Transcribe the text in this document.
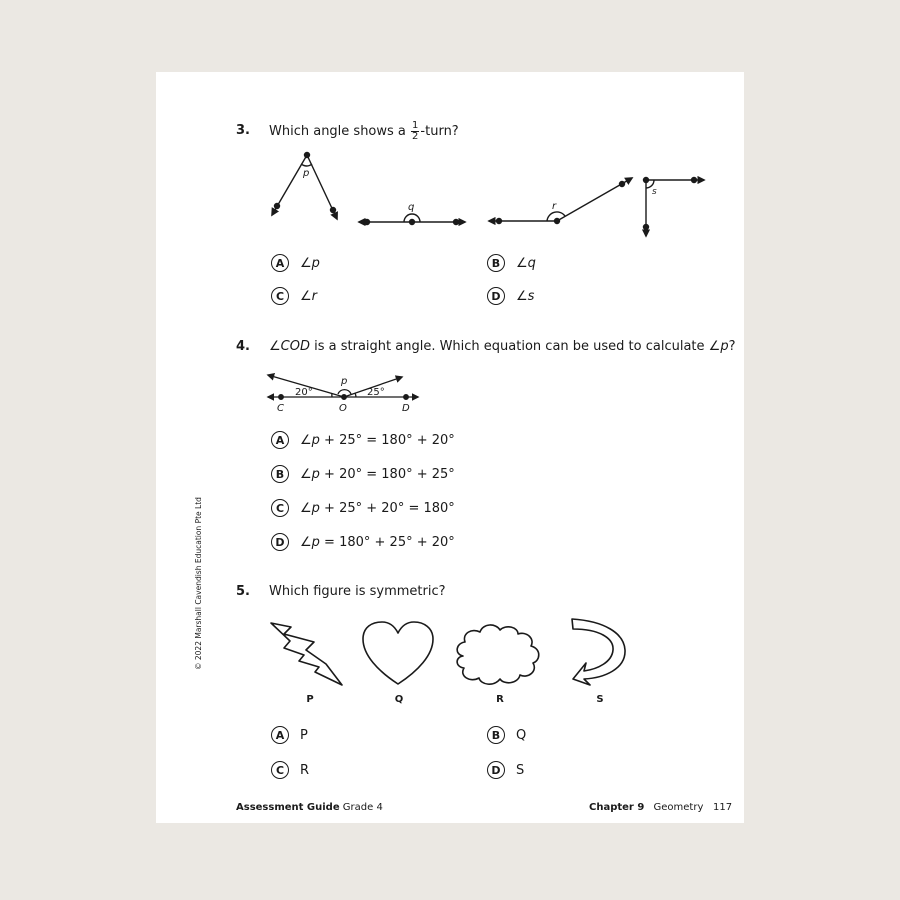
© 2022 Marshall Cavendish Education Pte Ltd
3. Which angle shows a $\frac{1}{2}$ -turn?
p
q	r
s
A	∠ p	B	∠ q
C	∠ r	D	∠ s
4. ∠COD is a straight angle. Which equation can be used to calculate ∠p?
20°	25°
p
C	O	D
A	∠ p + 25° = 180° + 20°
B	∠ p + 20° = 180° + 25°
C	∠ p + 25° + 20° = 180°
D	∠ p = 180° + 25° + 20°
5. Which figure is symmetric?
P	Q	R	S
A	P	B	Q
C	R	D	S
Assessment Guide Grade 4	Chapter 9 Geometry 117
